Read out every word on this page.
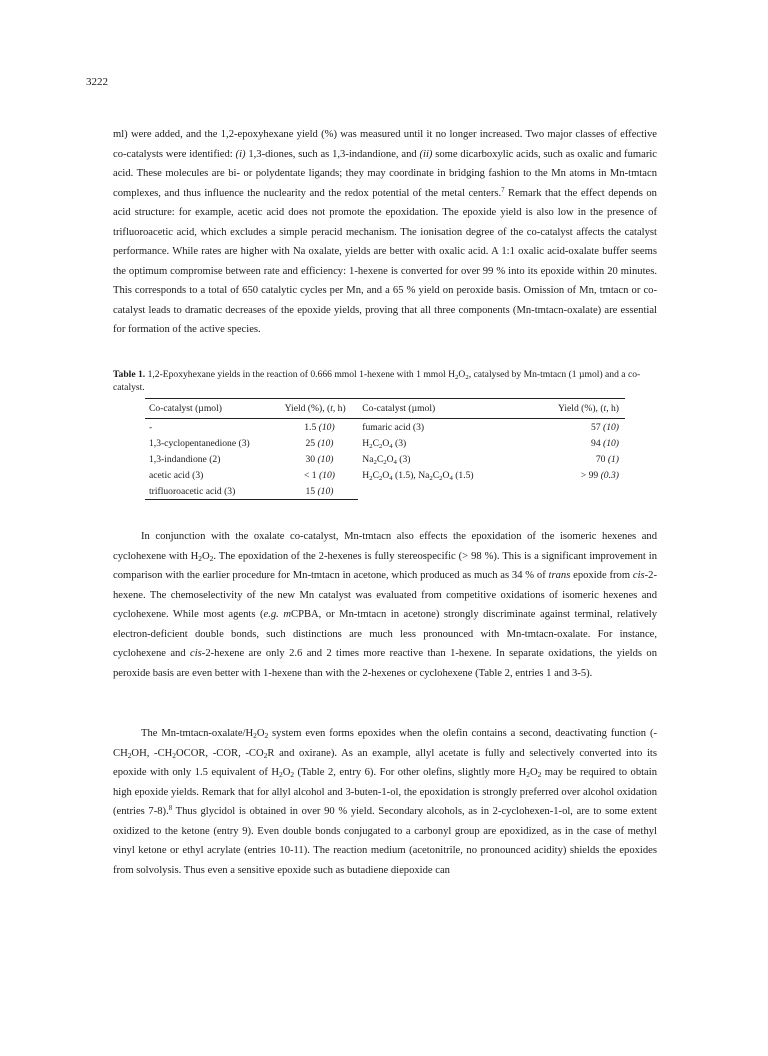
3222

ml) were added, and the 1,2-epoxyhexane yield (%) was measured until it no longer increased. Two major classes of effective co-catalysts were identified: (i) 1,3-diones, such as 1,3-indandione, and (ii) some dicarboxylic acids, such as oxalic and fumaric acid. These molecules are bi- or polydentate ligands; they may coordinate in bridging fashion to the Mn atoms in Mn-tmtacn complexes, and thus influence the nuclearity and the redox potential of the metal centers.$^7$ Remark that the effect depends on acid structure: for example, acetic acid does not promote the epoxidation. The epoxide yield is also low in the presence of trifluoroacetic acid, which excludes a simple peracid mechanism. The ionisation degree of the co-catalyst affects the catalyst performance. While rates are higher with Na oxalate, yields are better with oxalic acid. A 1:1 oxalic acid-oxalate buffer seems the optimum compromise between rate and efficiency: 1-hexene is converted for over 99 % into its epoxide within 20 minutes. This corresponds to a total of 650 catalytic cycles per Mn, and a 65 % yield on peroxide basis. Omission of Mn, tmtacn or co-catalyst leads to dramatic decreases of the epoxide yields, proving that all three components (Mn-tmtacn-oxalate) are essential for formation of the active species.

Table 1. 1,2-Epoxyhexane yields in the reaction of 0.666 mmol 1-hexene with 1 mmol $H_2O_2$, catalysed by Mn-tmtacn (1 µmol) and a co-catalyst.
Co-catalyst (µmol)	Yield (%), (t, h)	Co-catalyst (µmol)	Yield (%), (t, h)
-	1.5 (10)	fumaric acid (3)	57 (10)
1,3-cyclopentanedione (3)	25 (10)	$H_2C_2O_4$ (3)	94 (10)
1,3-indandione (2)	30 (10)	$Na_2C_2O_4$ (3)	70 (1)
acetic acid (3)	< 1 (10)	$H_2C_2O_4$ (1.5), $Na_2C_2O_4$ (1.5)	> 99 (0.3)
trifluoroacetic acid (3)	15 (10)		

In conjunction with the oxalate co-catalyst, Mn-tmtacn also effects the epoxidation of the isomeric hexenes and cyclohexene with $H_2O_2$. The epoxidation of the 2-hexenes is fully stereospecific (> 98 %). This is a significant improvement in comparison with the earlier procedure for Mn-tmtacn in acetone, which produced as much as 34 % of trans epoxide from cis-2-hexene. The chemoselectivity of the new Mn catalyst was evaluated from competitive oxidations of isomeric hexenes and cyclohexene. While most agents (e.g. mCPBA, or Mn-tmtacn in acetone) strongly discriminate against terminal, relatively electron-deficient double bonds, such distinctions are much less pronounced with Mn-tmtacn-oxalate. For instance, cyclohexene and cis-2-hexene are only 2.6 and 2 times more reactive than 1-hexene. In separate oxidations, the yields on peroxide basis are even better with 1-hexene than with the 2-hexenes or cyclohexene (Table 2, entries 1 and 3-5).

The $Mn-tmtacn-oxalate/H_2O_2$ system even forms epoxides when the olefin contains a second, deactivating function ($-CH_2OH$, $-CH_2OCOR$, -COR, $-CO_2R$ and oxirane). As an example, allyl acetate is fully and selectively converted into its epoxide with only 1.5 equivalent of $H_2O_2$ (Table 2, entry 6). For other olefins, slightly more $H_2O_2$ may be required to obtain high epoxide yields. Remark that for allyl alcohol and 3-buten-1-ol, the epoxidation is strongly preferred over alcohol oxidation (entries 7-8).$^8$ Thus glycidol is obtained in over 90 % yield. Secondary alcohols, as in 2-cyclohexen-1-ol, are to some extent oxidized to the ketone (entry 9). Even double bonds conjugated to a carbonyl group are epoxidized, as in the case of methyl vinyl ketone or ethyl acrylate (entries 10-11). The reaction medium (acetonitrile, no pronounced acidity) shields the epoxides from solvolysis. Thus even a sensitive epoxide such as butadiene diepoxide can
